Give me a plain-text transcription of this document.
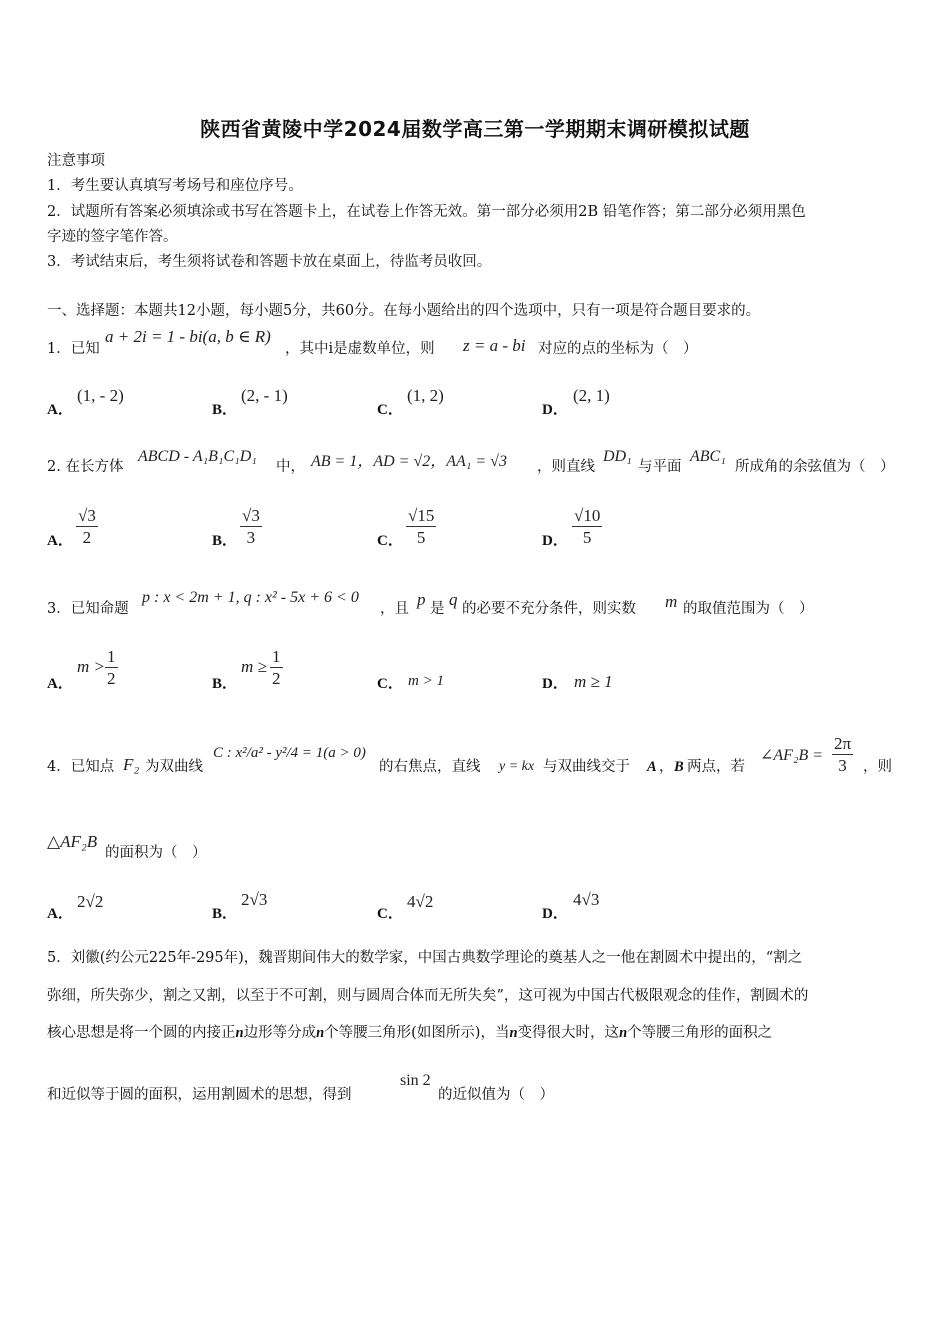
陕西省黄陵中学2024届数学高三第一学期期末调研模拟试题
注意事项
1．考生要认真填写考场号和座位序号。
2．试题所有答案必须填涂或书写在答题卡上，在试卷上作答无效。第一部分必须用2B 铅笔作答；第二部分必须用黑色
字迹的签字笔作答。
3．考试结束后，考生须将试卷和答题卡放在桌面上，待监考员收回。
一、选择题：本题共12小题，每小题5分，共60分。在每小题给出的四个选项中，只有一项是符合题目要求的。
1．已知
a + 2i = 1 - bi(a, b ∈ R)
，其中i是虚数单位，则 z = a - bi 对应的点的坐标为（　）
A．
(1, - 2)
B．
(2, - 1)
C．
(1, 2)
D．
(2, 1)
2. 在长方体
ABCD - A₁B₁C₁D₁
中， AB = 1，AD = √2，AA₁ = √3 ，则直线
DD₁
与平面
ABC₁
所成角的余弦值为（　）
A． $\frac{√3}{2}$	B． $\frac{√3}{3}$	C． $\frac{√15}{5}$	D． $\frac{√10}{5}$
3．已知命题
p : x < 2m + 1, q : x² - 5x + 6 < 0
，且 p 是 q 的必要不充分条件，则实数 m 的取值范围为（　）
A．
$m > \frac{1}{2}$	B．
$m \ge \frac{1}{2}$	C． m > 1	D． m ≥ 1
4．已知点 F₂ 为双曲线
C : x²/a² - y²/4 = 1(a > 0)
的右焦点，直线 y = kx 与双曲线交于 A ， B 两点，若
∠AF₂B = $\frac{2\pi}{3}$ ，则
△AF₂B
的面积为（　）
A．
2√2
B．
2√3
C．
4√2
D．
4√3
5．刘徽(约公元225年-295年)，魏晋期间伟大的数学家，中国古典数学理论的奠基人之一他在割圆术中提出的，“割之
弥细，所失弥少，割之又割，以至于不可割，则与圆周合体而无所失矣”，这可视为中国古代极限观念的佳作，割圆术的
核心思想是将一个圆的内接正n边形等分成n个等腰三角形(如图所示)，当n变得很大时，这n个等腰三角形的面积之
和近似等于圆的面积，运用割圆术的思想，得到
sin 2
的近似值为（　）
